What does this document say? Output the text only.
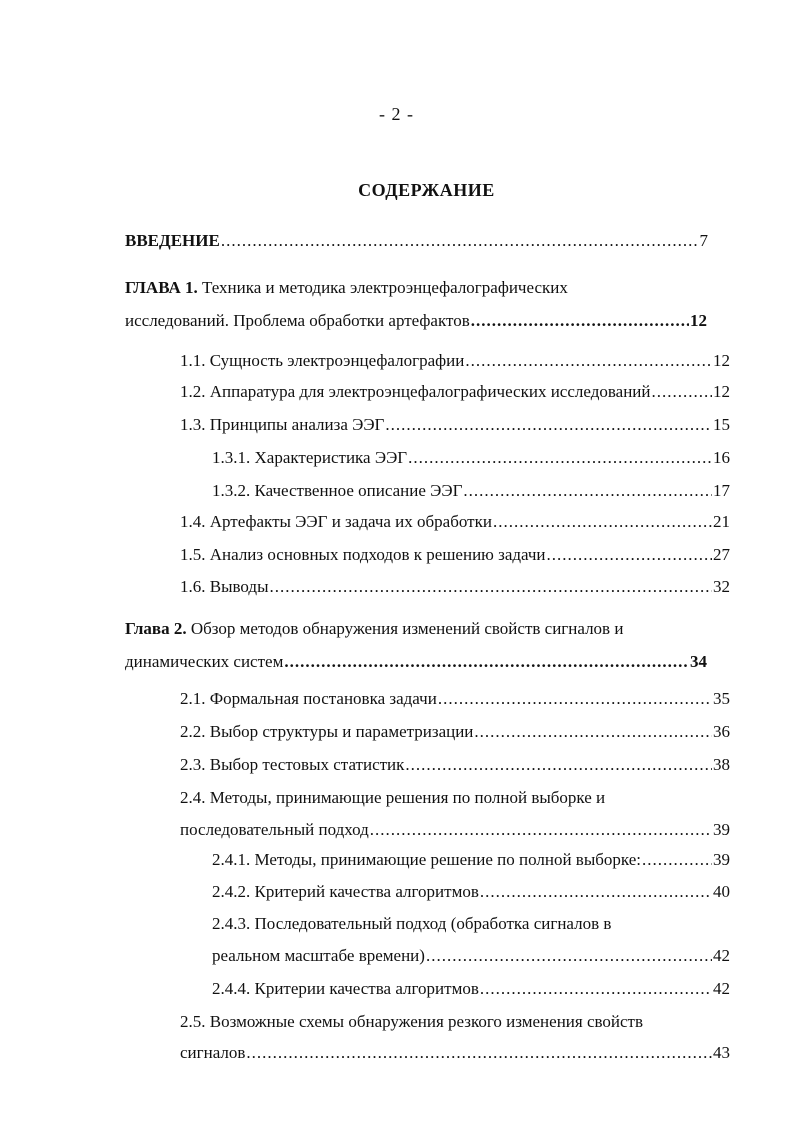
- 2 -
СОДЕРЖАНИЕ
ВВЕДЕНИЕ .....	7
ГЛАВА 1. Техника и методика электроэнцефалографических
исследований. Проблема обработки артефактов .....	12
1.1. Сущность электроэнцефалографии .....	12
1.2. Аппаратура для электроэнцефалографических исследований .....	12
1.3. Принципы анализа ЭЭГ .....	15
1.3.1. Характеристика ЭЭГ .....	16
1.3.2. Качественное описание ЭЭГ .....	17
1.4. Артефакты ЭЭГ и задача их обработки .....	21
1.5. Анализ основных подходов к решению задачи .....	27
1.6. Выводы .....	32
Глава 2. Обзор методов обнаружения изменений свойств сигналов и
динамических систем .....	34
2.1. Формальная постановка задачи .....	35
2.2. Выбор структуры и параметризации .....	36
2.3. Выбор тестовых статистик .....	38
2.4. Методы, принимающие решения по полной выборке и
последовательный подход .....	39
2.4.1. Методы, принимающие решение по полной выборке: .....	39
2.4.2. Критерий качества алгоритмов .....	40
2.4.3. Последовательный подход (обработка сигналов в
реальном масштабе времени) .....	42
2.4.4. Критерии качества алгоритмов .....	42
2.5. Возможные схемы обнаружения резкого изменения свойств
сигналов .....	43
